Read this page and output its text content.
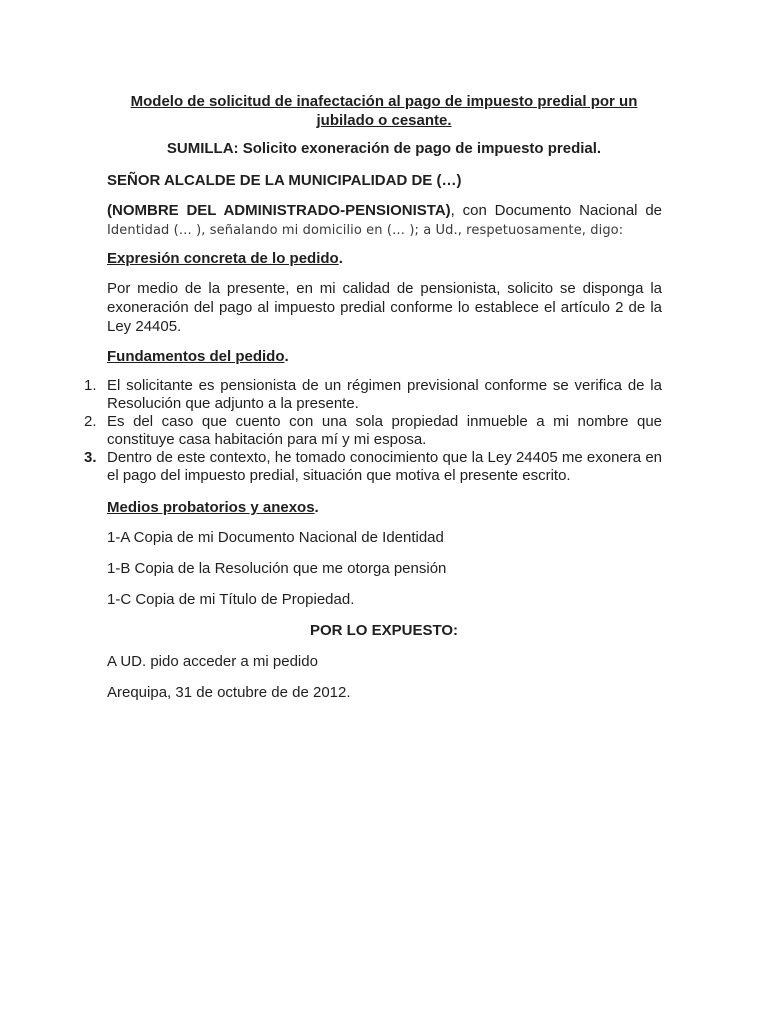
Modelo de solicitud de inafectación al pago de impuesto predial por un jubilado o cesante.

SUMILLA: Solicito exoneración de pago de impuesto predial.

SEÑOR ALCALDE DE LA MUNICIPALIDAD DE (…)

(NOMBRE DEL ADMINISTRADO-PENSIONISTA), con Documento Nacional de Identidad (… ), señalando mi domicilio en (… ); a Ud., respetuosamente, digo:

Expresión concreta de lo pedido.

Por medio de la presente, en mi calidad de pensionista, solicito se disponga la exoneración del pago al impuesto predial conforme lo establece el artículo 2 de la Ley 24405.

Fundamentos del pedido.

1. El solicitante es pensionista de un régimen previsional conforme se verifica de la Resolución que adjunto a la presente.
2. Es del caso que cuento con una sola propiedad inmueble a mi nombre que constituye casa habitación para mí y mi esposa.
3. Dentro de este contexto, he tomado conocimiento que la Ley 24405 me exonera en el pago del impuesto predial, situación que motiva el presente escrito.

Medios probatorios y anexos.

1-A Copia de mi Documento Nacional de Identidad

1-B Copia de la Resolución que me otorga pensión

1-C Copia de mi Título de Propiedad.

POR LO EXPUESTO:

A UD. pido acceder a mi pedido

Arequipa, 31 de octubre de de 2012.
